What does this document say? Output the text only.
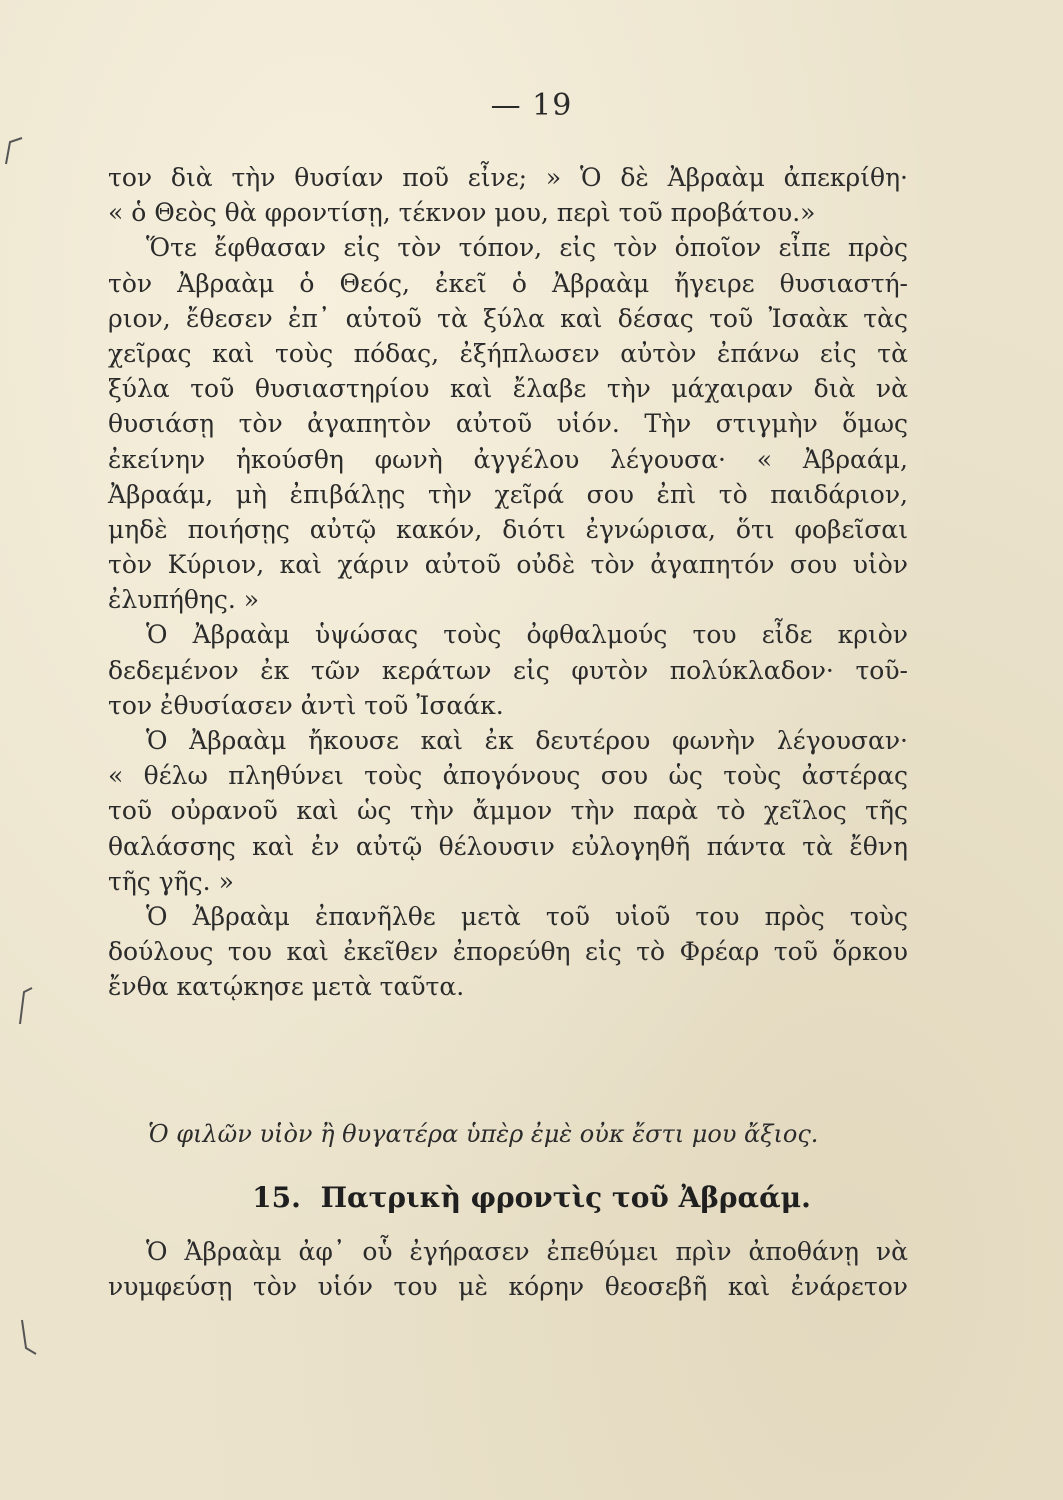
— 19
τον διὰ τὴν θυσίαν ποῦ εἶνε; » Ὁ δὲ Ἀβραὰμ ἀπεκρίθη·
« ὁ Θεὸς θὰ φροντίσῃ, τέκνον μου, περὶ τοῦ προβάτου.»
Ὅτε ἔφθασαν εἰς τὸν τόπον, εἰς τὸν ὁποῖον εἶπε πρὸς
τὸν Ἀβραὰμ ὁ Θεός, ἐκεῖ ὁ Ἀβραὰμ ἤγειρε θυσιαστή-
ριον, ἔθεσεν ἐπ᾽ αὐτοῦ τὰ ξύλα καὶ δέσας τοῦ Ἰσαὰκ τὰς
χεῖρας καὶ τοὺς πόδας, ἐξήπλωσεν αὐτὸν ἐπάνω εἰς τὰ
ξύλα τοῦ θυσιαστηρίου καὶ ἔλαβε τὴν μάχαιραν διὰ νὰ
θυσιάσῃ τὸν ἀγαπητὸν αὐτοῦ υἱόν. Τὴν στιγμὴν ὅμως
ἐκείνην ἠκούσθη φωνὴ ἀγγέλου λέγουσα· « Ἀβραάμ,
Ἀβραάμ, μὴ ἐπιβάλῃς τὴν χεῖρά σου ἐπὶ τὸ παιδάριον,
μηδὲ ποιήσῃς αὐτῷ κακόν, διότι ἐγνώρισα, ὅτι φοβεῖσαι
τὸν Κύριον, καὶ χάριν αὐτοῦ οὐδὲ τὸν ἀγαπητόν σου υἱὸν
ἐλυπήθης. »
Ὁ Ἀβραὰμ ὑψώσας τοὺς ὀφθαλμούς του εἶδε κριὸν
δεδεμένον ἐκ τῶν κεράτων εἰς φυτὸν πολύκλαδον· τοῦ-
τον ἐθυσίασεν ἀντὶ τοῦ Ἰσαάκ.
Ὁ Ἀβραὰμ ἤκουσε καὶ ἐκ δευτέρου φωνὴν λέγουσαν·
« θέλω πληθύνει τοὺς ἀπογόνους σου ὡς τοὺς ἀστέρας
τοῦ οὐρανοῦ καὶ ὡς τὴν ἄμμον τὴν παρὰ τὸ χεῖλος τῆς
θαλάσσης καὶ ἐν αὐτῷ θέλουσιν εὐλογηθῆ πάντα τὰ ἔθνη
τῆς γῆς. »
Ὁ Ἀβραὰμ ἐπανῆλθε μετὰ τοῦ υἱοῦ του πρὸς τοὺς
δούλους του καὶ ἐκεῖθεν ἐπορεύθη εἰς τὸ Φρέαρ τοῦ ὅρκου
ἔνθα κατῴκησε μετὰ ταῦτα.
Ὁ φιλῶν υἱὸν ἢ θυγατέρα ὑπὲρ ἐμὲ οὐκ ἔστι μου ἄξιος.
15. Πατρικὴ φροντὶς τοῦ Ἀβραάμ.
Ὁ Ἀβραὰμ ἀφ᾽ οὗ ἐγήρασεν ἐπεθύμει πρὶν ἀποθάνῃ νὰ
νυμφεύσῃ τὸν υἱόν του μὲ κόρην θεοσεβῆ καὶ ἐνάρετον
